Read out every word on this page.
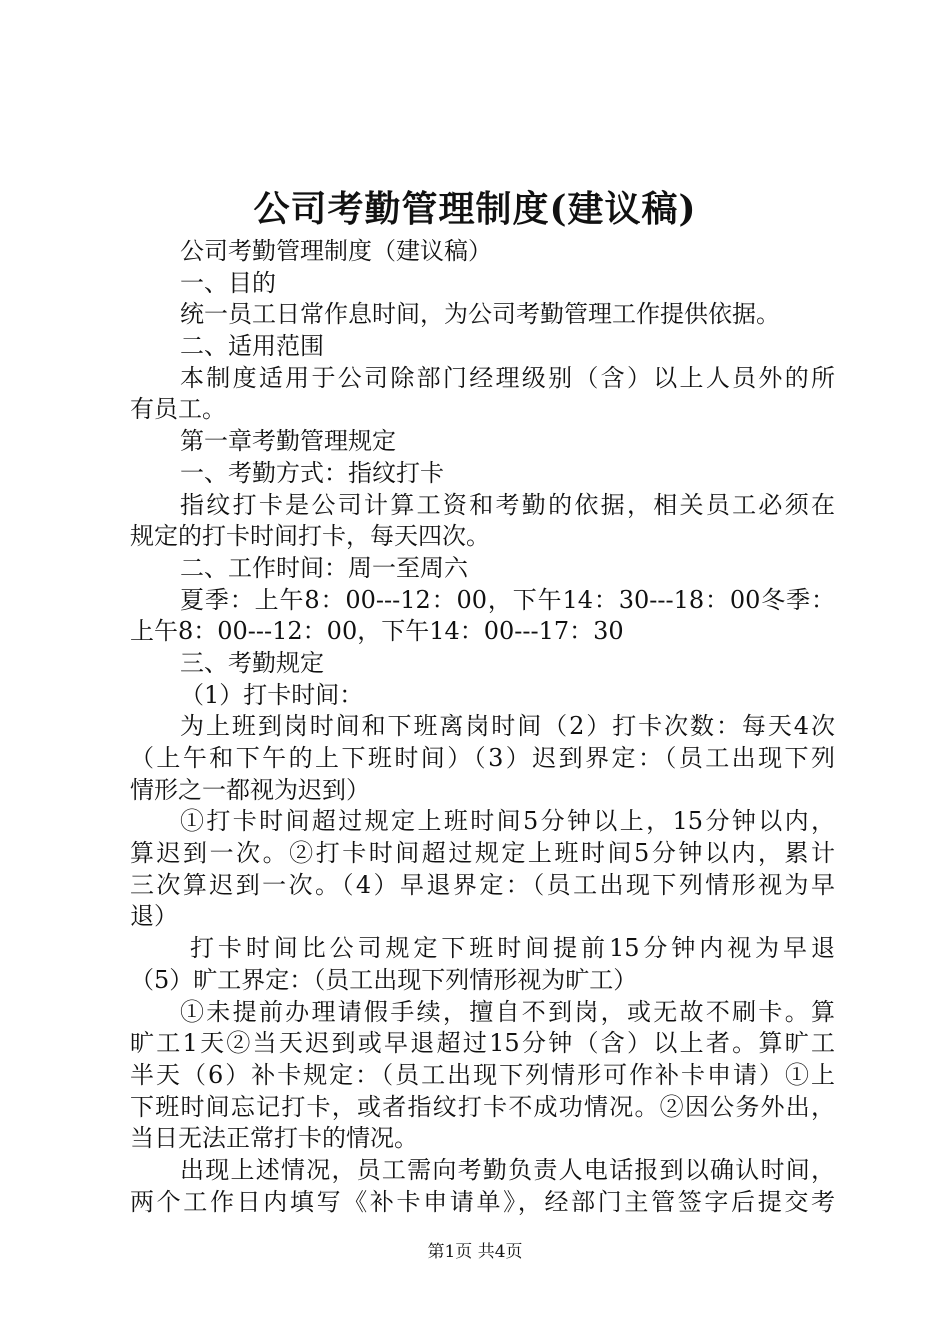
公司考勤管理制度(建议稿)
公司考勤管理制度（建议稿）
一、目的
统一员工日常作息时间，为公司考勤管理工作提供依据。
二、适用范围
本制度适用于公司除部门经理级别（含）以上人员外的所
有员工。
第一章考勤管理规定
一、考勤方式：指纹打卡
指纹打卡是公司计算工资和考勤的依据，相关员工必须在
规定的打卡时间打卡，每天四次。
二、工作时间：周一至周六
夏季：上午8：00---12：00，下午14：30---18：00冬季：
上午8：00---12：00，下午14：00---17：30
三、考勤规定
（1）打卡时间：
为上班到岗时间和下班离岗时间（2）打卡次数：每天4次
（上午和下午的上下班时间）（3）迟到界定：（员工出现下列
情形之一都视为迟到）
①打卡时间超过规定上班时间5分钟以上，15分钟以内，
算迟到一次。②打卡时间超过规定上班时间5分钟以内，累计
三次算迟到一次。（4）早退界定：（员工出现下列情形视为早
退）
打卡时间比公司规定下班时间提前15分钟内视为早退
（5）旷工界定：（员工出现下列情形视为旷工）
①未提前办理请假手续，擅自不到岗，或无故不刷卡。算
旷工1天②当天迟到或早退超过15分钟（含）以上者。算旷工
半天（6）补卡规定：（员工出现下列情形可作补卡申请）①上
下班时间忘记打卡，或者指纹打卡不成功情况。②因公务外出，
当日无法正常打卡的情况。
出现上述情况，员工需向考勤负责人电话报到以确认时间，
两个工作日内填写《补卡申请单》，经部门主管签字后提交考
第1页 共4页
